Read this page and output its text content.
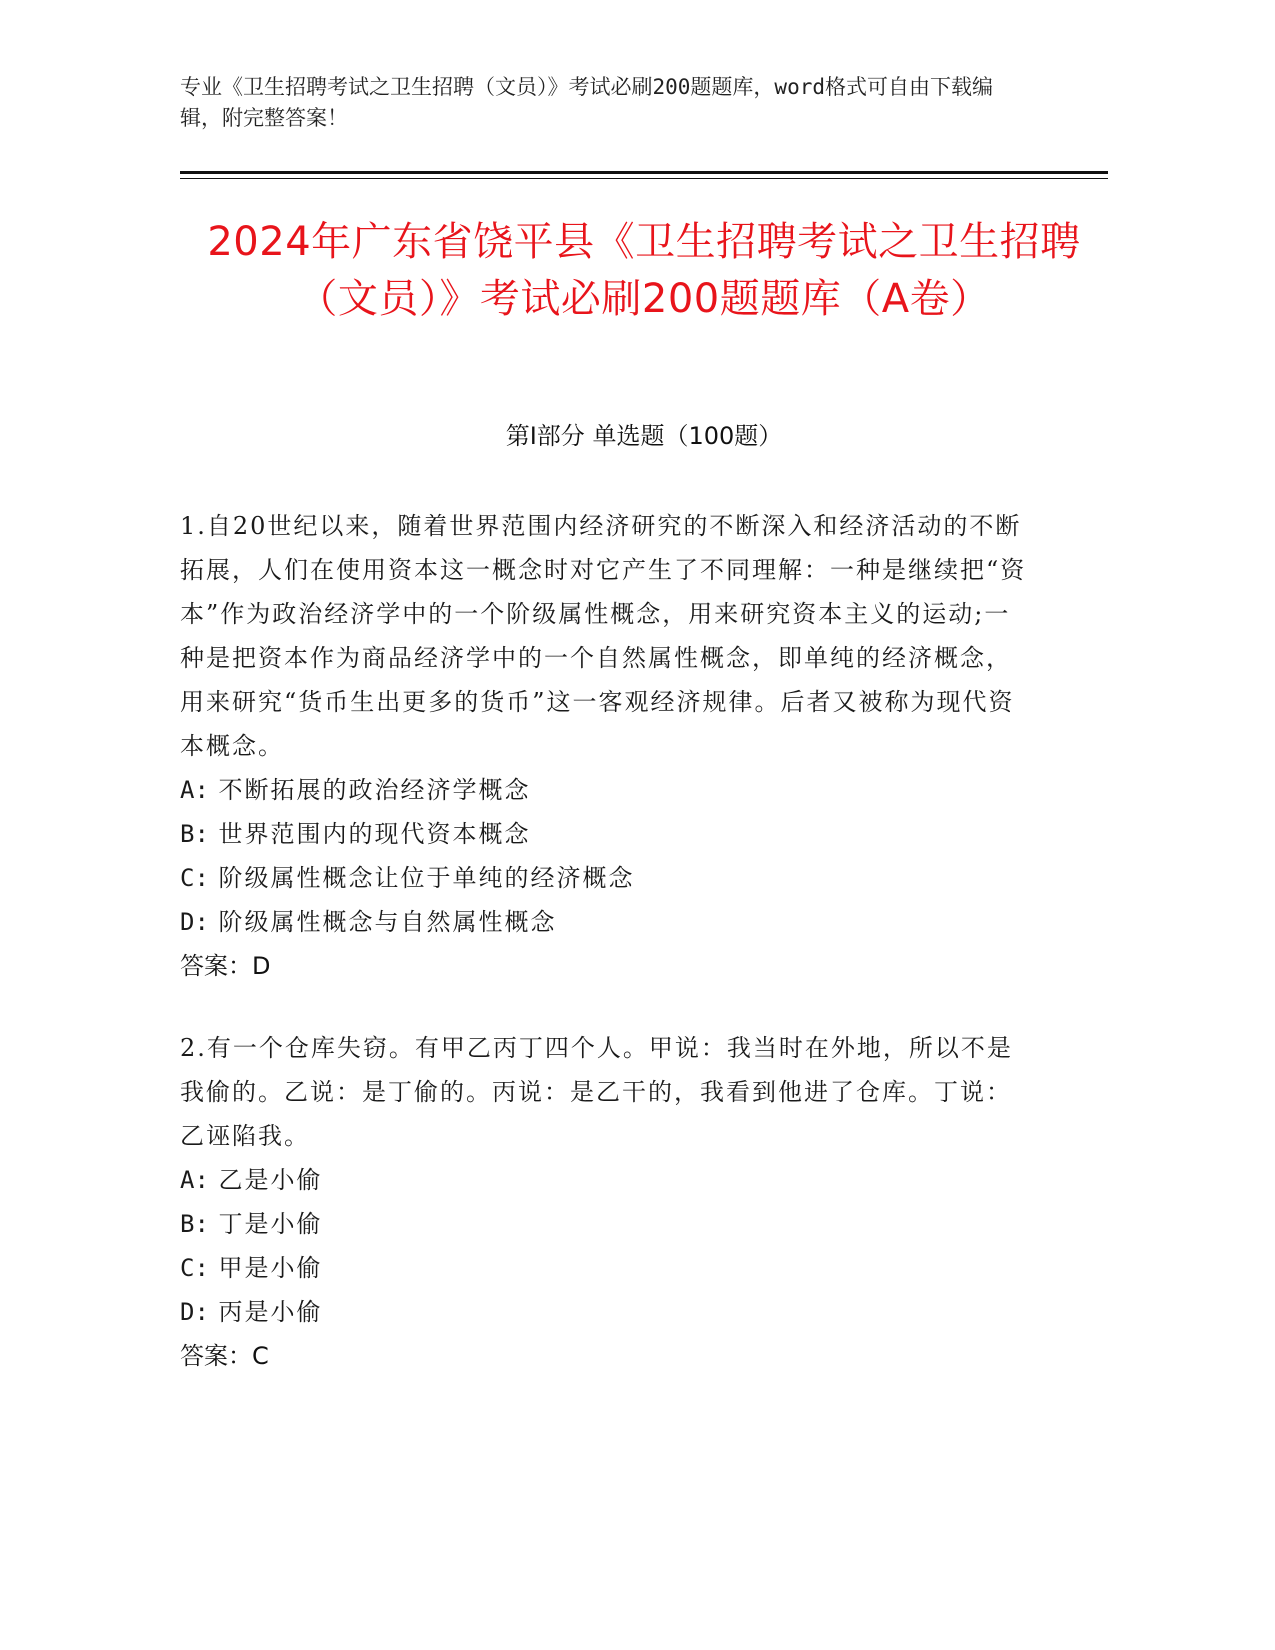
专业《卫生招聘考试之卫生招聘（文员）》考试必刷200题题库，word格式可自由下载编辑，附完整答案！
2024年广东省饶平县《卫生招聘考试之卫生招聘（文员）》考试必刷200题题库（A卷）
第Ⅰ部分 单选题（100题）
1.自20世纪以来，随着世界范围内经济研究的不断深入和经济活动的不断拓展，人们在使用资本这一概念时对它产生了不同理解：一种是继续把“资本”作为政治经济学中的一个阶级属性概念，用来研究资本主义的运动;一种是把资本作为商品经济学中的一个自然属性概念，即单纯的经济概念，用来研究“货币生出更多的货币”这一客观经济规律。后者又被称为现代资本概念。
A: 不断拓展的政治经济学概念
B: 世界范围内的现代资本概念
C: 阶级属性概念让位于单纯的经济概念
D: 阶级属性概念与自然属性概念
答案：D
2.有一个仓库失窃。有甲乙丙丁四个人。甲说：我当时在外地，所以不是我偷的。乙说：是丁偷的。丙说：是乙干的，我看到他进了仓库。丁说：乙诬陷我。
A: 乙是小偷
B: 丁是小偷
C: 甲是小偷
D: 丙是小偷
答案：C
